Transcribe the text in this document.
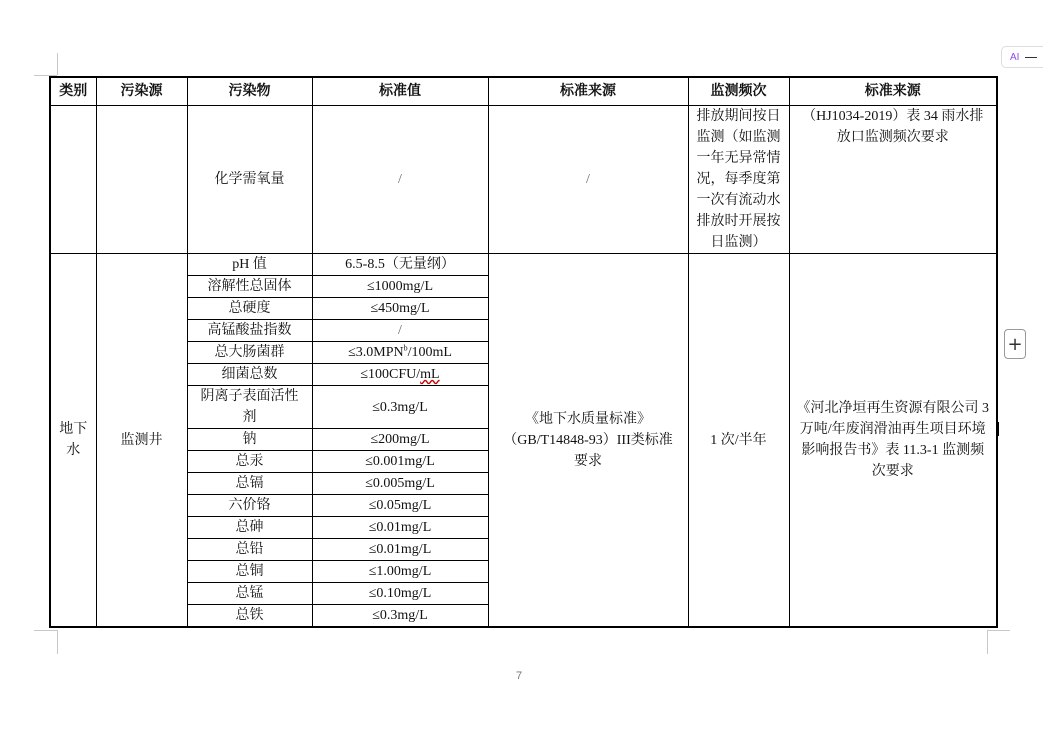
类别	污染源	污染物	标准值	标准来源	监测频次	标准来源
		化学需氧量	/	/	排放期间按日监测（如监测一年无异常情况，每季度第一次有流动水排放时开展按日监测）	（HJ1034-2019）表 34 雨水排放口监测频次要求
地下水	监测井	pH 值	6.5-8.5（无量纲）	《地下水质量标准》（GB/T14848-93）III类标准要求	1 次/半年	《河北净垣再生资源有限公司 3 万吨/年废润滑油再生项目环境影响报告书》表 11.3-1 监测频次要求
		溶解性总固体	≤1000mg/L			
		总硬度	≤450mg/L			
		高锰酸盐指数	/			
		总大肠菌群	$\le 3.0MPN^b/100mL$			
		细菌总数	≤100CFU/mL			
		阴离子表面活性剂	≤0.3mg/L			
		钠	≤200mg/L			
		总汞	≤0.001mg/L			
		总镉	≤0.005mg/L			
		六价铬	≤0.05mg/L			
		总砷	≤0.01mg/L			
		总铅	≤0.01mg/L			
		总铜	≤1.00mg/L			
		总锰	≤0.10mg/L			
		总铁	≤0.3mg/L			
7
AI
+
